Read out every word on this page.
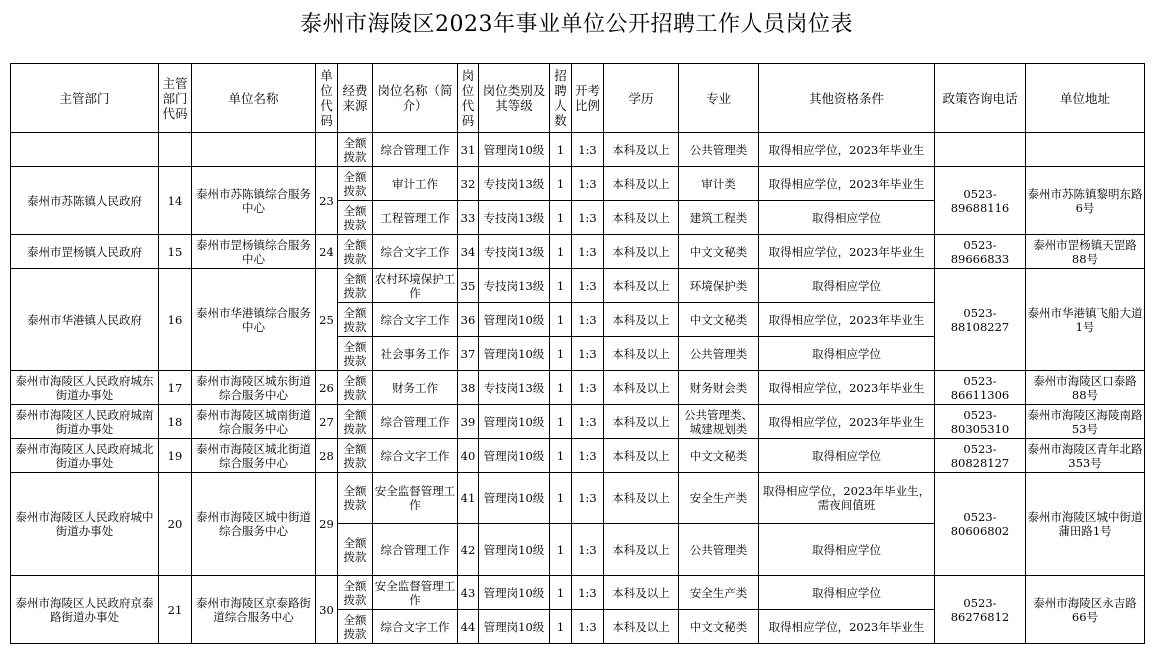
泰州市海陵区2023年事业单位公开招聘工作人员岗位表
主管部门	主管部门代码	单位名称	单位代码	经费来源	岗位名称（简介）	岗位代码	岗位类别及其等级	招聘人数	开考比例	学历	专业	其他资格条件	政策咨询电话	单位地址
				全额拨款	综合管理工作	31	管理岗10级	1	1:3	本科及以上	公共管理类	取得相应学位，2023年毕业生		
泰州市苏陈镇人民政府	14	泰州市苏陈镇综合服务中心	23	全额拨款	审计工作	32	专技岗13级	1	1:3	本科及以上	审计类	取得相应学位，2023年毕业生	0523-89688116	泰州市苏陈镇黎明东路6号
				全额拨款	工程管理工作	33	专技岗13级	1	1:3	本科及以上	建筑工程类	取得相应学位		
泰州市罡杨镇人民政府	15	泰州市罡杨镇综合服务中心	24	全额拨款	综合文字工作	34	专技岗13级	1	1:3	本科及以上	中文文秘类	取得相应学位，2023年毕业生	0523-89666833	泰州市罡杨镇天罡路88号
泰州市华港镇人民政府	16	泰州市华港镇综合服务中心	25	全额拨款	农村环境保护工作	35	专技岗13级	1	1:3	本科及以上	环境保护类	取得相应学位	0523-88108227	泰州市华港镇飞船大道1号
				全额拨款	综合文字工作	36	管理岗10级	1	1:3	本科及以上	中文文秘类	取得相应学位，2023年毕业生		
				全额拨款	社会事务工作	37	管理岗10级	1	1:3	本科及以上	公共管理类	取得相应学位		
泰州市海陵区人民政府城东街道办事处	17	泰州市海陵区城东街道综合服务中心	26	全额拨款	财务工作	38	专技岗13级	1	1:3	本科及以上	财务财会类	取得相应学位，2023年毕业生	0523-86611306	泰州市海陵区口泰路88号
泰州市海陵区人民政府城南街道办事处	18	泰州市海陵区城南街道综合服务中心	27	全额拨款	综合管理工作	39	管理岗10级	1	1:3	本科及以上	公共管理类、城建规划类	取得相应学位，2023年毕业生	0523-80305310	泰州市海陵区海陵南路53号
泰州市海陵区人民政府城北街道办事处	19	泰州市海陵区城北街道综合服务中心	28	全额拨款	综合文字工作	40	管理岗10级	1	1:3	本科及以上	中文文秘类	取得相应学位	0523-80828127	泰州市海陵区青年北路353号
泰州市海陵区人民政府城中街道办事处	20	泰州市海陵区城中街道综合服务中心	29	全额拨款	安全监督管理工作	41	管理岗10级	1	1:3	本科及以上	安全生产类	取得相应学位，2023年毕业生，需夜间值班	0523-80606802	泰州市海陵区城中街道蒲田路1号
				全额拨款	综合管理工作	42	管理岗10级	1	1:3	本科及以上	公共管理类	取得相应学位		
泰州市海陵区人民政府京泰路街道办事处	21	泰州市海陵区京泰路街道综合服务中心	30	全额拨款	安全监督管理工作	43	管理岗10级	1	1:3	本科及以上	安全生产类	取得相应学位	0523-86276812	泰州市海陵区永吉路66号
				全额拨款	综合文字工作	44	管理岗10级	1	1:3	本科及以上	中文文秘类	取得相应学位，2023年毕业生		
